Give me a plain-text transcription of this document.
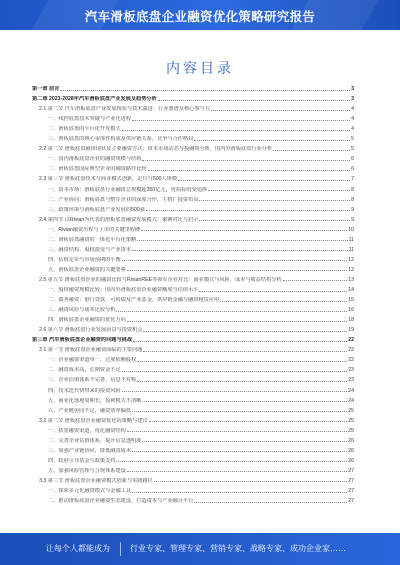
汽车滑板底盘企业融资优化策略研究报告
内容目录
第一章 前言	3
第二章 2023-2028年汽车滑板底盘产业发展及趋势分析	3
2.1 第二节 汽车滑板底盘产业发展现状与技术演进：行业图谱及核心参与方	4
一、线控底盘技术突破与产业化进程	4
二、滑板底盘的平台化开发模式	4
三、滑板底盘的核心零部件构成及供应链关系，竞争与合作格局	5
2.2 第二节 滑板底盘融资现状及主要融资方式：资本市场动态与投融资分析，国内外滑板底盘行业分析	5
一、国内滑板底盘企业的融资规模与结构	6
二、滑板底盘国际典型企业的融资路径比较	6
2.3 第三节 滑板底盘技术与商业模式创新，定位与500人规模	7
一、资本市场：滑板底盘行业融资总规模超350亿元，优质标的受追捧	8
二、产业协同：滑板底盘与整车企业的深度合作，主机厂投资布局	8
三、政策环境与滑板底盘产业发展的500强	9
2.4 第四节 以Rivian为代表的滑板底盘融资发展模式：案例对比与启示	9
一、Rivian融资历程与上市的关键里程碑	10
二、滑板底盘融资的一体化平台化策略	11
三、融资结构、股权演变与产业资本	11
四、估值定价与市场预期的平衡	12
五、滑板底盘企业融资的关键要素	12
2.5 第五节 滑板底盘企业的融资比较与RivianREE等领军企业对比：商业模式与风险、成本与收益结构分析	13
一、股权融资规模比较：国内外滑板底盘企业融资额度与估值水平	14
二、债务融资：银行贷款、可转债及产业基金，供应链金融与融资租赁应用	15
三、融资风险与成本比较分析	16
四、滑板底盘企业融资的优化方向	18
2.6 第六节 滑板底盘行业发展前景与投资机会	19
第三章 汽车滑板底盘企业融资的问题与挑战	22
3.1 第一节 滑板底盘企业融资面临的主要问题	22
一、企业融资渠道单一，过度依赖股权	22
二、融资成本高，长期资金不足	23
三、企业估值体系不完善，信息不对称	23
四、技术迭代快带来的投资风险	24
五、商业化落地周期长，盈利模式不清晰	24
六、产业链协同不足，融资效率偏低	25
3.2 第二节 滑板底盘企业融资优化的策略与建议	25
一、拓宽融资渠道，优化融资结构	25
二、完善企业估值体系，提升信息透明度	26
三、加强产业链协同，降低融资成本	26
四、政府引导基金与政策支持	26
五、加强风险管理与合规体系建设	27
3.3 第三节 滑板底盘企业融资模式创新与实践路径	27
一、探索多元化融资模式与金融工具	27
二、推动滑板底盘企业融资生态建设，打造资本与产业融合平台	27
让每个人都能成为	行业专家、管理专家、营销专家、战略专家、成功企业家……
